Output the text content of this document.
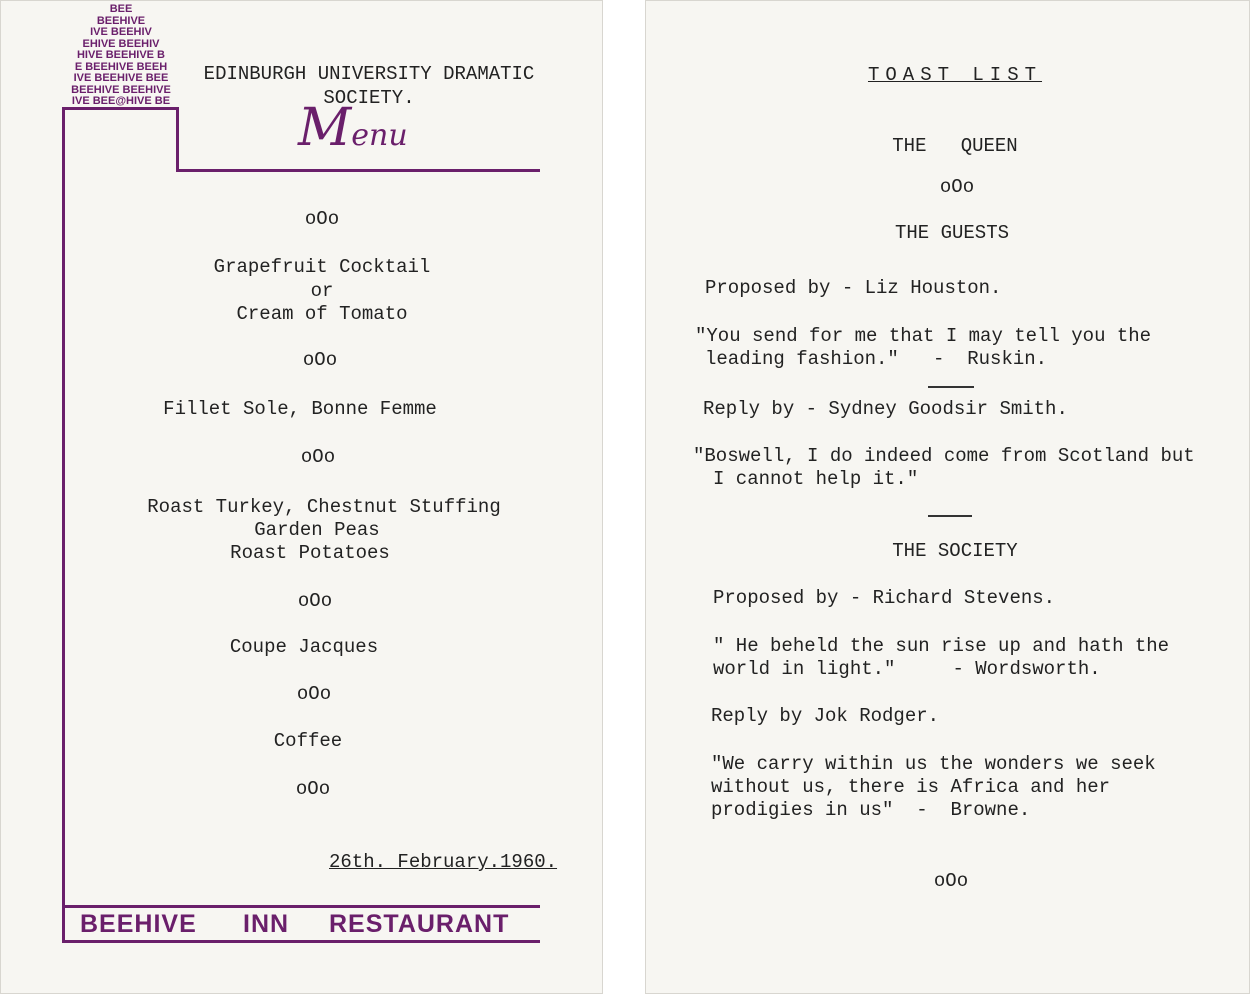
BEE
BEEHIVE
IVE BEEHIV
EHIVE BEEHIV
HIVE BEEHIVE B
E BEEHIVE BEEH
IVE BEEHIVE BEE
BEEHIVE BEEHIVE
IVE BEE@HIVE BE
EDINBURGH UNIVERSITY DRAMATIC
SOCIETY.
Menu
oOo
Grapefruit Cocktail
or
Cream of Tomato
oOo
Fillet Sole, Bonne Femme
oOo
Roast Turkey, Chestnut Stuffing
Garden Peas
Roast Potatoes
oOo
Coupe Jacques
oOo
Coffee
oOo
26th. February.1960.
BEEHIVE INN RESTAURANT
TOAST LIST
THE   QUEEN
oOo
THE GUESTS
Proposed by - Liz Houston.
"You send for me that I may tell you the
leading fashion."   -  Ruskin.
Reply by - Sydney Goodsir Smith.
"Boswell, I do indeed come from Scotland but
I cannot help it."
THE SOCIETY
Proposed by - Richard Stevens.
" He beheld the sun rise up and hath the
world in light."     - Wordsworth.
Reply by Jok Rodger.
"We carry within us the wonders we seek
without us, there is Africa and her
prodigies in us"  -  Browne.
oOo
